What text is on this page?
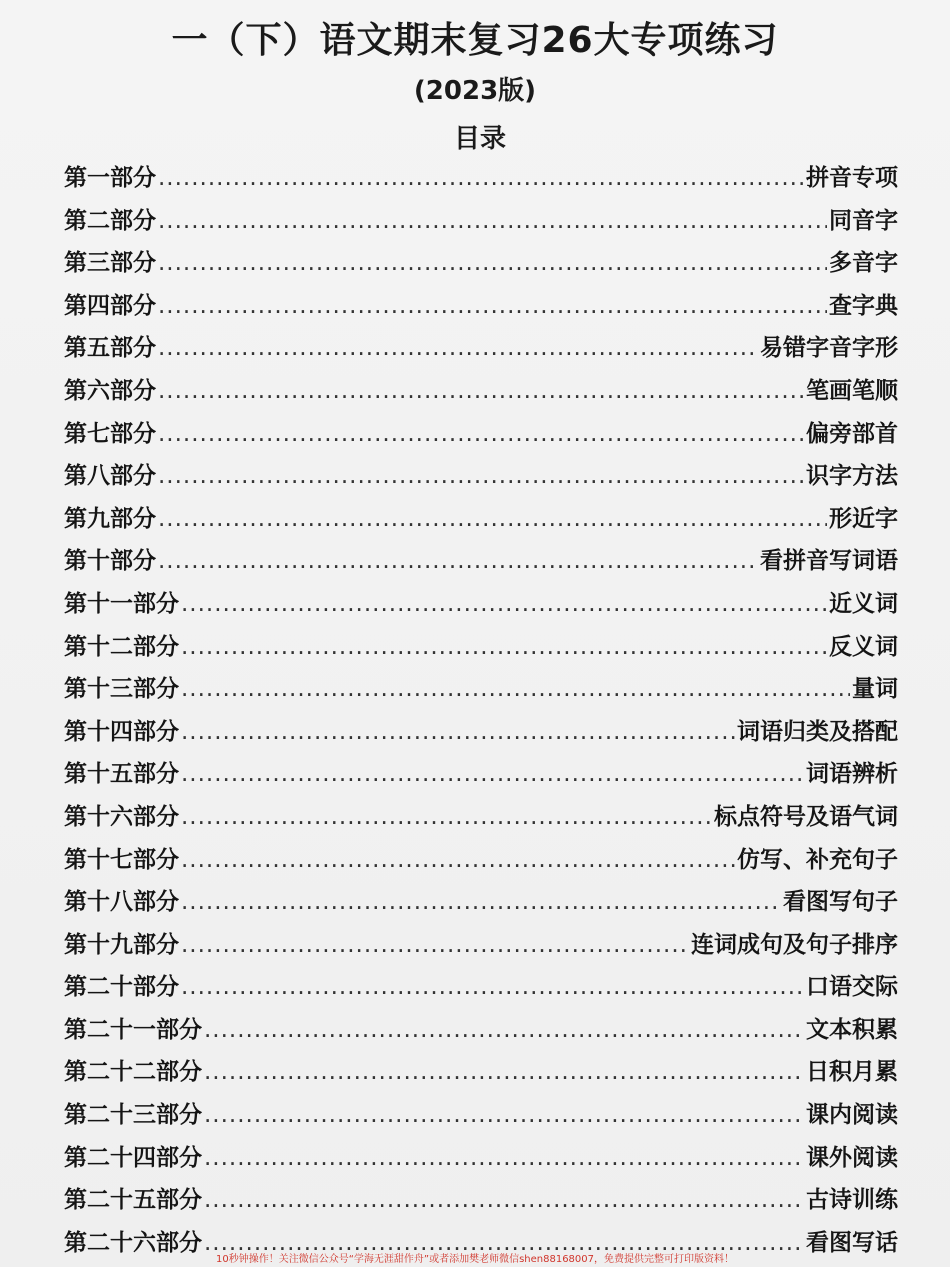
一（下）语文期末复习26大专项练习
(2023版)
目录
第一部分 .....	拼音专项
第二部分 .....	同音字
第三部分 .....	多音字
第四部分 .....	查字典
第五部分 .....	易错字音字形
第六部分 .....	笔画笔顺
第七部分 .....	偏旁部首
第八部分 .....	识字方法
第九部分 .....	形近字
第十部分 .....	看拼音写词语
第十一部分 .....	近义词
第十二部分 .....	反义词
第十三部分 .....	量词
第十四部分 .....	词语归类及搭配
第十五部分 .....	词语辨析
第十六部分 .....	标点符号及语气词
第十七部分 .....	仿写、补充句子
第十八部分 .....	看图写句子
第十九部分 .....	连词成句及句子排序
第二十部分 .....	口语交际
第二十一部分 .....	文本积累
第二十二部分 .....	日积月累
第二十三部分 .....	课内阅读
第二十四部分 .....	课外阅读
第二十五部分 .....	古诗训练
第二十六部分 .....	看图写话
10秒钟操作！关注微信公众号“学海无涯甜作舟”或者添加樊老师微信shen88168007，免费提供完整可打印版资料！
